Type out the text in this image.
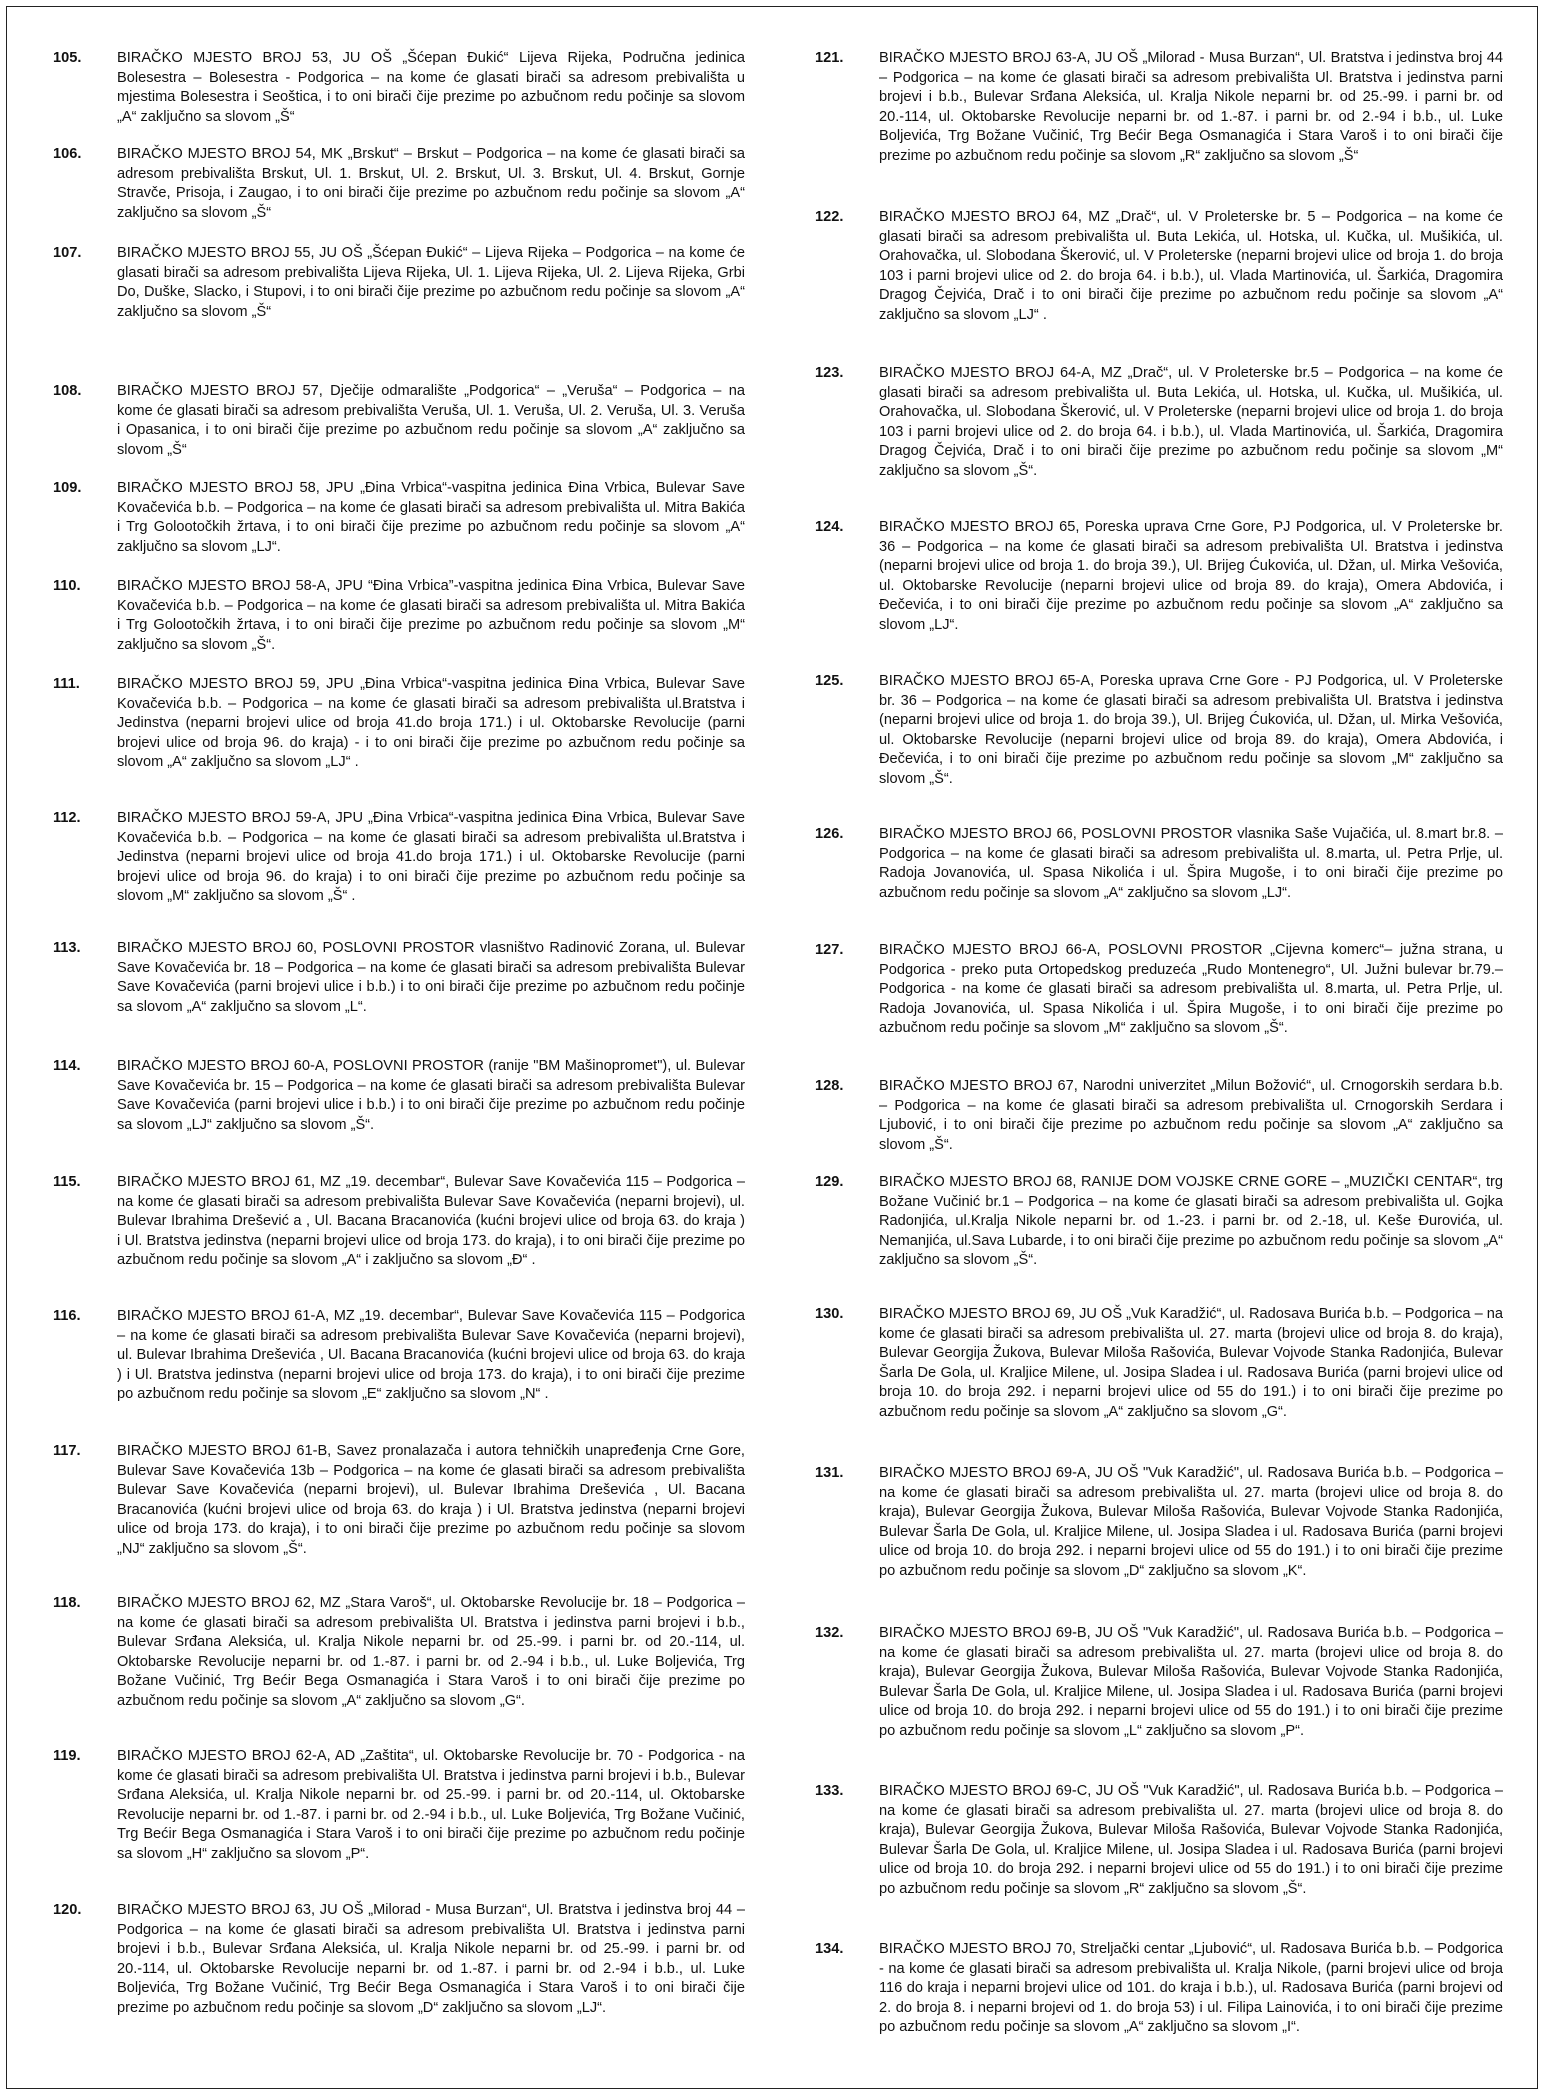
105.	BIRAČKO MJESTO BROJ 53, JU OŠ „Šćepan Đukić“ Lijeva Rijeka, Područna jedinica Bolesestra – Bolesestra - Podgorica – na kome će glasati birači sa adresom prebivališta u mjestima Bolesestra i Seoštica, i to oni birači čije prezime po azbučnom redu počinje sa slovom „A“ zaključno sa slovom „Š“
106.	BIRAČKO MJESTO BROJ 54, MK „Brskut“ – Brskut – Podgorica – na kome će glasati birači sa adresom prebivališta Brskut, Ul. 1. Brskut, Ul. 2. Brskut, Ul. 3. Brskut, Ul. 4. Brskut, Gornje Stravče, Prisoja, i Zaugao, i to oni birači čije prezime po azbučnom redu počinje sa slovom „A“ zaključno sa slovom „Š“
107.	BIRAČKO MJESTO BROJ 55, JU OŠ „Šćepan Đukić“ – Lijeva Rijeka – Podgorica – na kome će glasati birači sa adresom prebivališta Lijeva Rijeka, Ul. 1. Lijeva Rijeka, Ul. 2. Lijeva Rijeka, Grbi Do, Duške, Slacko, i Stupovi, i to oni birači čije prezime po azbučnom redu počinje sa slovom „A“ zaključno sa slovom „Š“
108.	BIRAČKO MJESTO BROJ 57, Dječije odmaralište „Podgorica“ – „Veruša“ – Podgorica – na kome će glasati birači sa adresom prebivališta Veruša, Ul. 1. Veruša, Ul. 2. Veruša, Ul. 3. Veruša i Opasanica, i to oni birači čije prezime po azbučnom redu počinje sa slovom „A“ zaključno sa slovom „Š“
109.	BIRAČKO MJESTO BROJ 58, JPU „Đina Vrbica“-vaspitna jedinica Đina Vrbica, Bulevar Save Kovačevića b.b. – Podgorica – na kome će glasati birači sa adresom prebivališta ul. Mitra Bakića i Trg Golootočkih žrtava, i to oni birači čije prezime po azbučnom redu počinje sa slovom „A“ zaključno sa slovom „LJ“.
110.	BIRAČKO MJESTO BROJ 58-A, JPU “Đina Vrbica”-vaspitna jedinica Đina Vrbica, Bulevar Save Kovačevića b.b. – Podgorica – na kome će glasati birači sa adresom prebivališta ul. Mitra Bakića i Trg Golootočkih žrtava, i to oni birači čije prezime po azbučnom redu počinje sa slovom „M“ zaključno sa slovom „Š“.
111.	BIRAČKO MJESTO BROJ 59, JPU „Đina Vrbica“-vaspitna jedinica Đina Vrbica, Bulevar Save Kovačevića b.b. – Podgorica – na kome će glasati birači sa adresom prebivališta ul.Bratstva i Jedinstva (neparni brojevi ulice od broja 41.do broja 171.) i ul. Oktobarske Revolucije (parni brojevi ulice od broja 96. do kraja) - i to oni birači čije prezime po azbučnom redu počinje sa slovom „A“ zaključno sa slovom „LJ“ .
112.	BIRAČKO MJESTO BROJ 59-A, JPU „Đina Vrbica“-vaspitna jedinica Đina Vrbica, Bulevar Save Kovačevića b.b. – Podgorica – na kome će glasati birači sa adresom prebivališta ul.Bratstva i Jedinstva (neparni brojevi ulice od broja 41.do broja 171.) i ul. Oktobarske Revolucije (parni brojevi ulice od broja 96. do kraja) i to oni birači čije prezime po azbučnom redu počinje sa slovom „M“ zaključno sa slovom „Š“ .
113.	BIRAČKO MJESTO BROJ 60, POSLOVNI PROSTOR vlasništvo Radinović Zorana, ul. Bulevar Save Kovačevića br. 18 – Podgorica – na kome će glasati birači sa adresom prebivališta Bulevar Save Kovačevića (parni brojevi ulice i b.b.) i to oni birači čije prezime po azbučnom redu počinje sa slovom „A“ zaključno sa slovom „L“.
114.	BIRAČKO MJESTO BROJ 60-A, POSLOVNI PROSTOR (ranije "BM Mašinopromet"), ul. Bulevar Save Kovačevića br. 15 – Podgorica – na kome će glasati birači sa adresom prebivališta Bulevar Save Kovačevića (parni brojevi ulice i b.b.) i to oni birači čije prezime po azbučnom redu počinje sa slovom „LJ“ zaključno sa slovom „Š“.
115.	BIRAČKO MJESTO BROJ 61, MZ „19. decembar“, Bulevar Save Kovačevića 115 – Podgorica – na kome će glasati birači sa adresom prebivališta Bulevar Save Kovačevića (neparni brojevi), ul. Bulevar Ibrahima Drešević a , Ul. Bacana Bracanovića (kućni brojevi ulice od broja 63. do kraja ) i Ul. Bratstva jedinstva (neparni brojevi ulice od broja 173. do kraja), i to oni birači čije prezime po azbučnom redu počinje sa slovom „A“ i zaključno sa slovom „Đ“ .
116.	BIRAČKO MJESTO BROJ 61-A, MZ „19. decembar“, Bulevar Save Kovačevića 115 – Podgorica – na kome će glasati birači sa adresom prebivališta Bulevar Save Kovačevića (neparni brojevi), ul. Bulevar Ibrahima Dreševića , Ul. Bacana Bracanovića (kućni brojevi ulice od broja 63. do kraja ) i Ul. Bratstva jedinstva (neparni brojevi ulice od broja 173. do kraja), i to oni birači čije prezime po azbučnom redu počinje sa slovom „E“ zaključno sa slovom „N“ .
117.	BIRAČKO MJESTO BROJ 61-B, Savez pronalazača i autora tehničkih unapređenja Crne Gore, Bulevar Save Kovačevića 13b – Podgorica – na kome će glasati birači sa adresom prebivališta Bulevar Save Kovačevića (neparni brojevi), ul. Bulevar Ibrahima Dreševića , Ul. Bacana Bracanovića (kućni brojevi ulice od broja 63. do kraja ) i Ul. Bratstva jedinstva (neparni brojevi ulice od broja 173. do kraja), i to oni birači čije prezime po azbučnom redu počinje sa slovom „NJ“ zaključno sa slovom „Š“.
118.	BIRAČKO MJESTO BROJ 62, MZ „Stara Varoš“, ul. Oktobarske Revolucije br. 18 – Podgorica – na kome će glasati birači sa adresom prebivališta Ul. Bratstva i jedinstva parni brojevi i b.b., Bulevar Srđana Aleksića, ul. Kralja Nikole neparni br. od 25.-99. i parni br. od 20.-114, ul. Oktobarske Revolucije neparni br. od 1.-87. i parni br. od 2.-94 i b.b., ul. Luke Boljevića, Trg Božane Vučinić, Trg Bećir Bega Osmanagića i Stara Varoš i to oni birači čije prezime po azbučnom redu počinje sa slovom „A“ zaključno sa slovom „G“.
119.	BIRAČKO MJESTO BROJ 62-A, AD „Zaštita“, ul. Oktobarske Revolucije br. 70 - Podgorica - na kome će glasati birači sa adresom prebivališta Ul. Bratstva i jedinstva parni brojevi i b.b., Bulevar Srđana Aleksića, ul. Kralja Nikole neparni br. od 25.-99. i parni br. od 20.-114, ul. Oktobarske Revolucije neparni br. od 1.-87. i parni br. od 2.-94 i b.b., ul. Luke Boljevića, Trg Božane Vučinić, Trg Bećir Bega Osmanagića i Stara Varoš i to oni birači čije prezime po azbučnom redu počinje sa slovom „H“ zaključno sa slovom „P“.
120.	BIRAČKO MJESTO BROJ 63, JU OŠ „Milorad - Musa Burzan“, Ul. Bratstva i jedinstva broj 44 – Podgorica – na kome će glasati birači sa adresom prebivališta Ul. Bratstva i jedinstva parni brojevi i b.b., Bulevar Srđana Aleksića, ul. Kralja Nikole neparni br. od 25.-99. i parni br. od 20.-114, ul. Oktobarske Revolucije neparni br. od 1.-87. i parni br. od 2.-94 i b.b., ul. Luke Boljevića, Trg Božane Vučinić, Trg Bećir Bega Osmanagića i Stara Varoš i to oni birači čije prezime po azbučnom redu počinje sa slovom „D“ zaključno sa slovom „LJ“.
121.	BIRAČKO MJESTO BROJ 63-A, JU OŠ „Milorad - Musa Burzan“, Ul. Bratstva i jedinstva broj 44 – Podgorica – na kome će glasati birači sa adresom prebivališta Ul. Bratstva i jedinstva parni brojevi i b.b., Bulevar Srđana Aleksića, ul. Kralja Nikole neparni br. od 25.-99. i parni br. od 20.-114, ul. Oktobarske Revolucije neparni br. od 1.-87. i parni br. od 2.-94 i b.b., ul. Luke Boljevića, Trg Božane Vučinić, Trg Bećir Bega Osmanagića i Stara Varoš i to oni birači čije prezime po azbučnom redu počinje sa slovom „R“ zaključno sa slovom „Š“
122.	BIRAČKO MJESTO BROJ 64, MZ „Drač“, ul. V Proleterske br. 5 – Podgorica – na kome će glasati birači sa adresom prebivališta ul. Buta Lekića, ul. Hotska, ul. Kučka, ul. Mušikića, ul. Orahovačka, ul. Slobodana Škerović, ul. V Proleterske (neparni brojevi ulice od broja 1. do broja 103 i parni brojevi ulice od 2. do broja 64. i b.b.), ul. Vlada Martinovića, ul. Šarkića, Dragomira Dragog Čejvića, Drač i to oni birači čije prezime po azbučnom redu počinje sa slovom „A“ zaključno sa slovom „LJ“ .
123.	BIRAČKO MJESTO BROJ 64-A, MZ „Drač“, ul. V Proleterske br.5 – Podgorica – na kome će glasati birači sa adresom prebivališta ul. Buta Lekića, ul. Hotska, ul. Kučka, ul. Mušikića, ul. Orahovačka, ul. Slobodana Škerović, ul. V Proleterske (neparni brojevi ulice od broja 1. do broja 103 i parni brojevi ulice od 2. do broja 64. i b.b.), ul. Vlada Martinovića, ul. Šarkića, Dragomira Dragog Čejvića, Drač i to oni birači čije prezime po azbučnom redu počinje sa slovom „M“ zaključno sa slovom „Š“.
124.	BIRAČKO MJESTO BROJ 65, Poreska uprava Crne Gore, PJ Podgorica, ul. V Proleterske br. 36 – Podgorica – na kome će glasati birači sa adresom prebivališta Ul. Bratstva i jedinstva (neparni brojevi ulice od broja 1. do broja 39.), Ul. Brijeg Ćukovića, ul. Džan, ul. Mirka Vešovića, ul. Oktobarske Revolucije (neparni brojevi ulice od broja 89. do kraja), Omera Abdovića, i Đečevića, i to oni birači čije prezime po azbučnom redu počinje sa slovom „A“ zaključno sa slovom „LJ“.
125.	BIRAČKO MJESTO BROJ 65-A, Poreska uprava Crne Gore - PJ Podgorica, ul. V Proleterske br. 36 – Podgorica – na kome će glasati birači sa adresom prebivališta Ul. Bratstva i jedinstva (neparni brojevi ulice od broja 1. do broja 39.), Ul. Brijeg Ćukovića, ul. Džan, ul. Mirka Vešovića, ul. Oktobarske Revolucije (neparni brojevi ulice od broja 89. do kraja), Omera Abdovića, i Đečevića, i to oni birači čije prezime po azbučnom redu počinje sa slovom „M“ zaključno sa slovom „Š“.
126.	BIRAČKO MJESTO BROJ 66, POSLOVNI PROSTOR vlasnika Saše Vujačića, ul. 8.mart br.8. – Podgorica – na kome će glasati birači sa adresom prebivališta ul. 8.marta, ul. Petra Prlje, ul. Radoja Jovanovića, ul. Spasa Nikolića i ul. Špira Mugoše, i to oni birači čije prezime po azbučnom redu počinje sa slovom „A“ zaključno sa slovom „LJ“.
127.	BIRAČKO MJESTO BROJ 66-A, POSLOVNI PROSTOR „Cijevna komerc“– južna strana, u Podgorica - preko puta Ortopedskog preduzeća „Rudo Montenegro“, Ul. Južni bulevar br.79.– Podgorica - na kome će glasati birači sa adresom prebivališta ul. 8.marta, ul. Petra Prlje, ul. Radoja Jovanovića, ul. Spasa Nikolića i ul. Špira Mugoše, i to oni birači čije prezime po azbučnom redu počinje sa slovom „M“ zaključno sa slovom „Š“.
128.	BIRAČKO MJESTO BROJ 67, Narodni univerzitet „Milun Božović“, ul. Crnogorskih serdara b.b. – Podgorica – na kome će glasati birači sa adresom prebivališta ul. Crnogorskih Serdara i Ljubović, i to oni birači čije prezime po azbučnom redu počinje sa slovom „A“ zaključno sa slovom „Š“.
129.	BIRAČKO MJESTO BROJ 68, RANIJE DOM VOJSKE CRNE GORE – „MUZIČKI CENTAR“, trg Božane Vučinić br.1 – Podgorica – na kome će glasati birači sa adresom prebivališta ul. Gojka Radonjića, ul.Kralja Nikole neparni br. od 1.-23. i parni br. od 2.-18, ul. Keše Đurovića, ul. Nemanjića, ul.Sava Lubarde, i to oni birači čije prezime po azbučnom redu počinje sa slovom „A“ zaključno sa slovom „Š“.
130.	BIRAČKO MJESTO BROJ 69, JU OŠ „Vuk Karadžić“, ul. Radosava Burića b.b. – Podgorica – na kome će glasati birači sa adresom prebivališta ul. 27. marta (brojevi ulice od broja 8. do kraja), Bulevar Georgija Žukova, Bulevar Miloša Rašovića, Bulevar Vojvode Stanka Radonjića, Bulevar Šarla De Gola, ul. Kraljice Milene, ul. Josipa Sladea i ul. Radosava Burića (parni brojevi ulice od broja 10. do broja 292. i neparni brojevi ulice od 55 do 191.) i to oni birači čije prezime po azbučnom redu počinje sa slovom „A“ zaključno sa slovom „G“.
131.	BIRAČKO MJESTO BROJ 69-A, JU OŠ "Vuk Karadžić", ul. Radosava Burića b.b. – Podgorica – na kome će glasati birači sa adresom prebivališta ul. 27. marta (brojevi ulice od broja 8. do kraja), Bulevar Georgija Žukova, Bulevar Miloša Rašovića, Bulevar Vojvode Stanka Radonjića, Bulevar Šarla De Gola, ul. Kraljice Milene, ul. Josipa Sladea i ul. Radosava Burića (parni brojevi ulice od broja 10. do broja 292. i neparni brojevi ulice od 55 do 191.) i to oni birači čije prezime po azbučnom redu počinje sa slovom „D“ zaključno sa slovom „K“.
132.	BIRAČKO MJESTO BROJ 69-B, JU OŠ "Vuk Karadžić", ul. Radosava Burića b.b. – Podgorica – na kome će glasati birači sa adresom prebivališta ul. 27. marta (brojevi ulice od broja 8. do kraja), Bulevar Georgija Žukova, Bulevar Miloša Rašovića, Bulevar Vojvode Stanka Radonjića, Bulevar Šarla De Gola, ul. Kraljice Milene, ul. Josipa Sladea i ul. Radosava Burića (parni brojevi ulice od broja 10. do broja 292. i neparni brojevi ulice od 55 do 191.) i to oni birači čije prezime po azbučnom redu počinje sa slovom „L“ zaključno sa slovom „P“.
133.	BIRAČKO MJESTO BROJ 69-C, JU OŠ "Vuk Karadžić", ul. Radosava Burića b.b. – Podgorica – na kome će glasati birači sa adresom prebivališta ul. 27. marta (brojevi ulice od broja 8. do kraja), Bulevar Georgija Žukova, Bulevar Miloša Rašovića, Bulevar Vojvode Stanka Radonjića, Bulevar Šarla De Gola, ul. Kraljice Milene, ul. Josipa Sladea i ul. Radosava Burića (parni brojevi ulice od broja 10. do broja 292. i neparni brojevi ulice od 55 do 191.) i to oni birači čije prezime po azbučnom redu počinje sa slovom „R“ zaključno sa slovom „Š“.
134.	BIRAČKO MJESTO BROJ 70, Streljački centar „Ljubović“, ul. Radosava Burića b.b. – Podgorica - na kome će glasati birači sa adresom prebivališta ul. Kralja Nikole, (parni brojevi ulice od broja 116 do kraja i neparni brojevi ulice od 101. do kraja i b.b.), ul. Radosava Burića (parni brojevi od 2. do broja 8. i neparni brojevi od 1. do broja 53) i ul. Filipa Lainovića, i to oni birači čije prezime po azbučnom redu počinje sa slovom „A“ zaključno sa slovom „I“.
